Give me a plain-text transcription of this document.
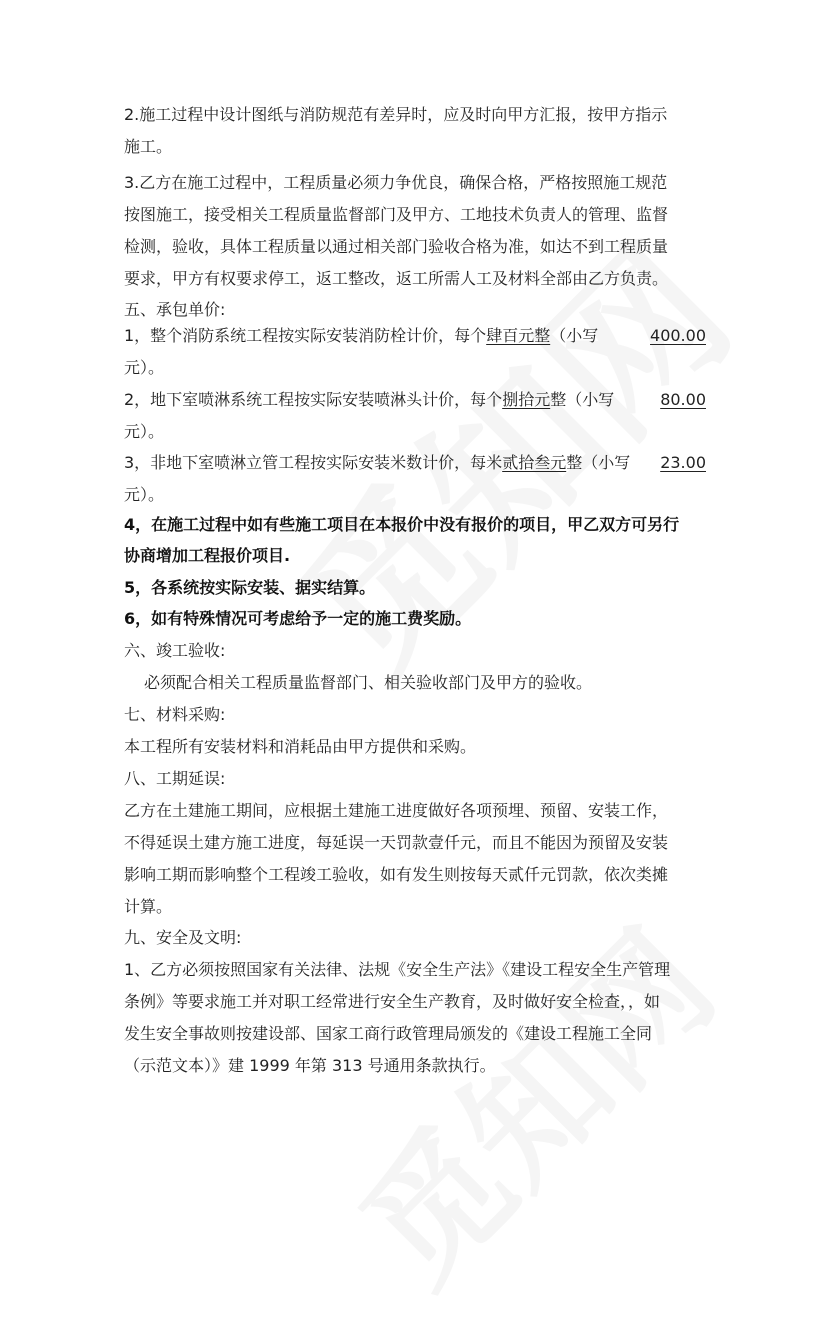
2.施工过程中设计图纸与消防规范有差异时，应及时向甲方汇报，按甲方指示
施工。
3.乙方在施工过程中，工程质量必须力争优良，确保合格，严格按照施工规范
按图施工，接受相关工程质量监督部门及甲方、工地技术负责人的管理、监督
检测，验收，具体工程质量以通过相关部门验收合格为准，如达不到工程质量
要求，甲方有权要求停工，返工整改，返工所需人工及材料全部由乙方负责。
五、承包单价:
1，整个消防系统工程按实际安装消防栓计价，每个肆百元整（小写	400.00
元）。
2，地下室喷淋系统工程按实际安装喷淋头计价，每个捌拾元整（小写	80.00
元）。
3，非地下室喷淋立管工程按实际安装米数计价，每米贰拾叁元整（小写 23.00
元）。
4，在施工过程中如有些施工项目在本报价中没有报价的项目，甲乙双方可另行
协商增加工程报价项目.
5，各系统按实际安装、据实结算。
6，如有特殊情况可考虑给予一定的施工费奖励。
六、竣工验收:
必须配合相关工程质量监督部门、相关验收部门及甲方的验收。
七、材料采购:
本工程所有安装材料和消耗品由甲方提供和采购。
八、工期延误:
乙方在土建施工期间，应根据土建施工进度做好各项预埋、预留、安装工作，
不得延误土建方施工进度，每延误一天罚款壹仟元，而且不能因为预留及安装
影响工期而影响整个工程竣工验收，如有发生则按每天贰仟元罚款，依次类摊
计算。
九、安全及文明:
1、乙方必须按照国家有关法律、法规《安全生产法》《建设工程安全生产管理
条例》等要求施工并对职工经常进行安全生产教育，及时做好安全检查，，如
发生安全事故则按建设部、国家工商行政管理局颁发的《建设工程施工全同
（示范文本）》建 1999 年第 313 号通用条款执行。
